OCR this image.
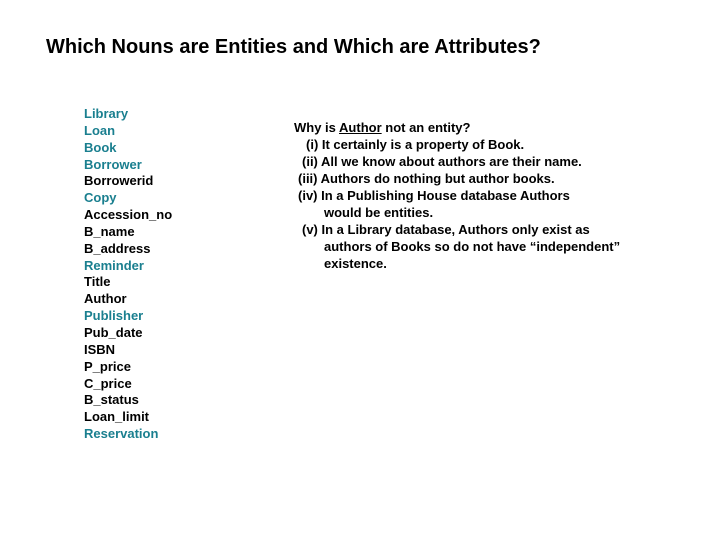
Which Nouns are Entities and Which are Attributes?
Library
Loan
Book
Borrower
Borrowerid
Copy
Accession_no
B_name
B_address
Reminder
Title
Author
Publisher
Pub_date
ISBN
P_price
C_price
B_status
Loan_limit
Reservation
Why is Author not an entity?
(i) It certainly is a property of Book.
(ii) All we know about authors are their name.
(iii) Authors do nothing but author books.
(iv) In a Publishing House database Authors
would be entities.
(v) In a Library database, Authors only exist as
authors of Books so do not have “independent”
existence.
